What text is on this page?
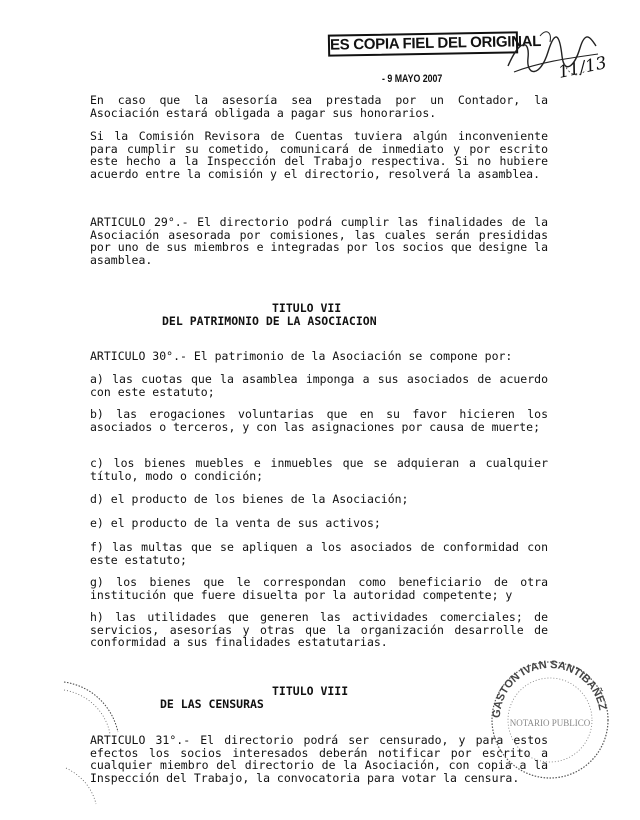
ES COPIA FIEL DEL ORIGINAL
- 9 MAYO 2007	11/13

En caso que la asesoría sea prestada por un Contador, la Asociación estará obligada a pagar sus honorarios.

Si la Comisión Revisora de Cuentas tuviera algún inconveniente para cumplir su cometido, comunicará de inmediato y por escrito este hecho a la Inspección del Trabajo respectiva. Si no hubiere acuerdo entre la comisión y el directorio, resolverá la asamblea.

ARTICULO 29°.- El directorio podrá cumplir las finalidades de la Asociación asesorada por comisiones, las cuales serán presididas por uno de sus miembros e integradas por los socios que designe la asamblea.

TITULO VII
DEL PATRIMONIO DE LA ASOCIACION

ARTICULO 30°.- El patrimonio de la Asociación se compone por:

a) las cuotas que la asamblea imponga a sus asociados de acuerdo con este estatuto;

b) las erogaciones voluntarias que en su favor hicieren los asociados o terceros, y con las asignaciones por causa de muerte;

c) los bienes muebles e inmuebles que se adquieran a cualquier título, modo o condición;

d) el producto de los bienes de la Asociación;

e) el producto de la venta de sus activos;

f) las multas que se apliquen a los asociados de conformidad con este estatuto;

g) los bienes que le correspondan como beneficiario de otra institución que fuere disuelta por la autoridad competente; y

h) las utilidades que generen las actividades comerciales; de servicios, asesorías y otras que la organización desarrolle de conformidad a sus finalidades estatutarias.

TITULO VIII
DE LAS CENSURAS

ARTICULO 31°.- El directorio podrá ser censurado, y para estos efectos los socios interesados deberán notificar por escrito a cualquier miembro del directorio de la Asociación, con copia a la Inspección del Trabajo, la convocatoria para votar la censura.

GASTON IVAN SANTIBAÑEZ
NOTARIO PUBLICO
